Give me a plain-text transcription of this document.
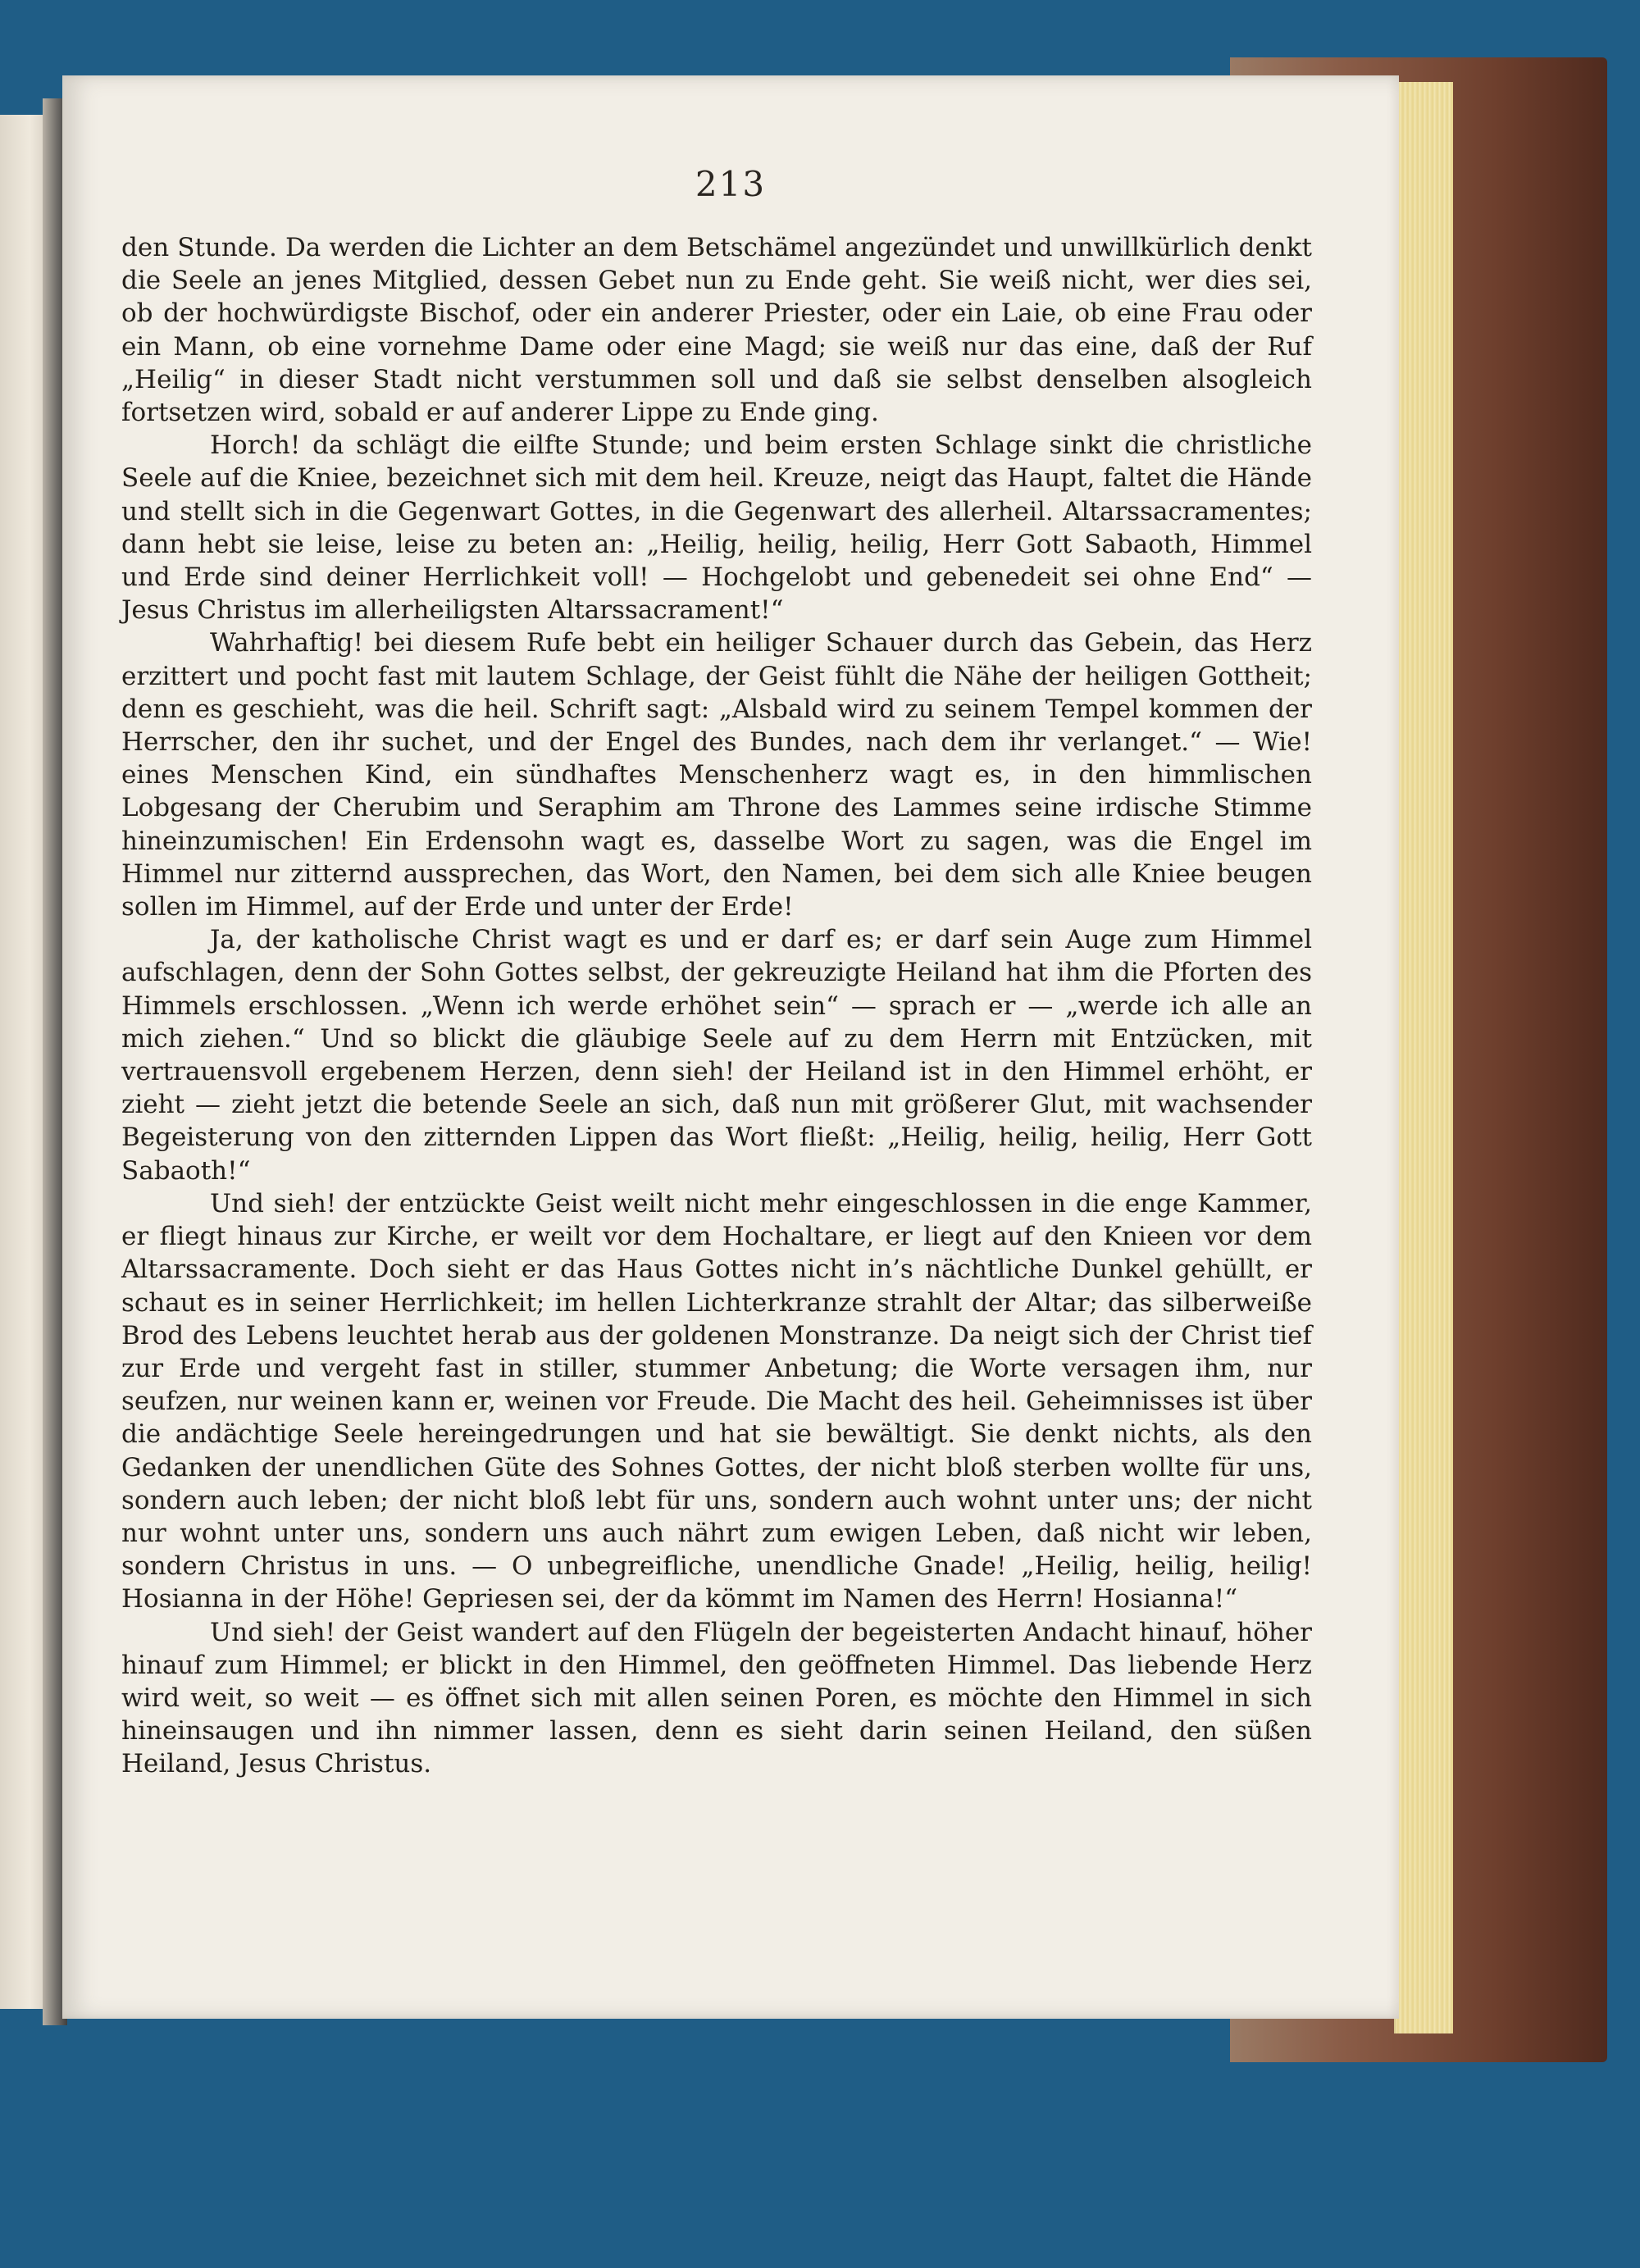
213

den Stunde. Da werden die Lichter an dem Betschämel angezündet und unwillkürlich denkt die Seele an jenes Mitglied, dessen Gebet nun zu Ende geht. Sie weiß nicht, wer dies sei, ob der hochwürdigste Bischof, oder ein anderer Priester, oder ein Laie, ob eine Frau oder ein Mann, ob eine vornehme Dame oder eine Magd; sie weiß nur das eine, daß der Ruf „Heilig“ in dieser Stadt nicht verstummen soll und daß sie selbst denselben alsogleich fortsetzen wird, sobald er auf anderer Lippe zu Ende ging.

Horch! da schlägt die eilfte Stunde; und beim ersten Schlage sinkt die christliche Seele auf die Kniee, bezeichnet sich mit dem heil. Kreuze, neigt das Haupt, faltet die Hände und stellt sich in die Gegenwart Gottes, in die Gegenwart des allerheil. Altarssacramentes; dann hebt sie leise, leise zu beten an: „Heilig, heilig, heilig, Herr Gott Sabaoth, Himmel und Erde sind deiner Herrlichkeit voll! — Hochgelobt und gebenedeit sei ohne End“ — Jesus Christus im allerheiligsten Altarssacrament!“

Wahrhaftig! bei diesem Rufe bebt ein heiliger Schauer durch das Gebein, das Herz erzittert und pocht fast mit lautem Schlage, der Geist fühlt die Nähe der heiligen Gottheit; denn es geschieht, was die heil. Schrift sagt: „Alsbald wird zu seinem Tempel kommen der Herrscher, den ihr suchet, und der Engel des Bundes, nach dem ihr verlanget.“ — Wie! eines Menschen Kind, ein sündhaftes Menschenherz wagt es, in den himmlischen Lobgesang der Cherubim und Seraphim am Throne des Lammes seine irdische Stimme hineinzumischen! Ein Erdensohn wagt es, dasselbe Wort zu sagen, was die Engel im Himmel nur zitternd aussprechen, das Wort, den Namen, bei dem sich alle Kniee beugen sollen im Himmel, auf der Erde und unter der Erde!

Ja, der katholische Christ wagt es und er darf es; er darf sein Auge zum Himmel aufschlagen, denn der Sohn Gottes selbst, der gekreuzigte Heiland hat ihm die Pforten des Himmels erschlossen. „Wenn ich werde erhöhet sein“ — sprach er — „werde ich alle an mich ziehen.“ Und so blickt die gläubige Seele auf zu dem Herrn mit Entzücken, mit vertrauensvoll ergebenem Herzen, denn sieh! der Heiland ist in den Himmel erhöht, er zieht — zieht jetzt die betende Seele an sich, daß nun mit größerer Glut, mit wachsender Begeisterung von den zitternden Lippen das Wort fließt: „Heilig, heilig, heilig, Herr Gott Sabaoth!“

Und sieh! der entzückte Geist weilt nicht mehr eingeschlossen in die enge Kammer, er fliegt hinaus zur Kirche, er weilt vor dem Hochaltare, er liegt auf den Knieen vor dem Altarssacramente. Doch sieht er das Haus Gottes nicht in’s nächtliche Dunkel gehüllt, er schaut es in seiner Herrlichkeit; im hellen Lichterkranze strahlt der Altar; das silberweiße Brod des Lebens leuchtet herab aus der goldenen Monstranze. Da neigt sich der Christ tief zur Erde und vergeht fast in stiller, stummer Anbetung; die Worte versagen ihm, nur seufzen, nur weinen kann er, weinen vor Freude. Die Macht des heil. Geheimnisses ist über die andächtige Seele hereingedrungen und hat sie bewältigt. Sie denkt nichts, als den Gedanken der unendlichen Güte des Sohnes Gottes, der nicht bloß sterben wollte für uns, sondern auch leben; der nicht bloß lebt für uns, sondern auch wohnt unter uns; der nicht nur wohnt unter uns, sondern uns auch nährt zum ewigen Leben, daß nicht wir leben, sondern Christus in uns. — O unbegreifliche, unendliche Gnade! „Heilig, heilig, heilig! Hosianna in der Höhe! Gepriesen sei, der da kömmt im Namen des Herrn! Hosianna!“

Und sieh! der Geist wandert auf den Flügeln der begeisterten Andacht hinauf, höher hinauf zum Himmel; er blickt in den Himmel, den geöffneten Himmel. Das liebende Herz wird weit, so weit — es öffnet sich mit allen seinen Poren, es möchte den Himmel in sich hineinsaugen und ihn nimmer lassen, denn es sieht darin seinen Heiland, den süßen Heiland, Jesus Christus.
